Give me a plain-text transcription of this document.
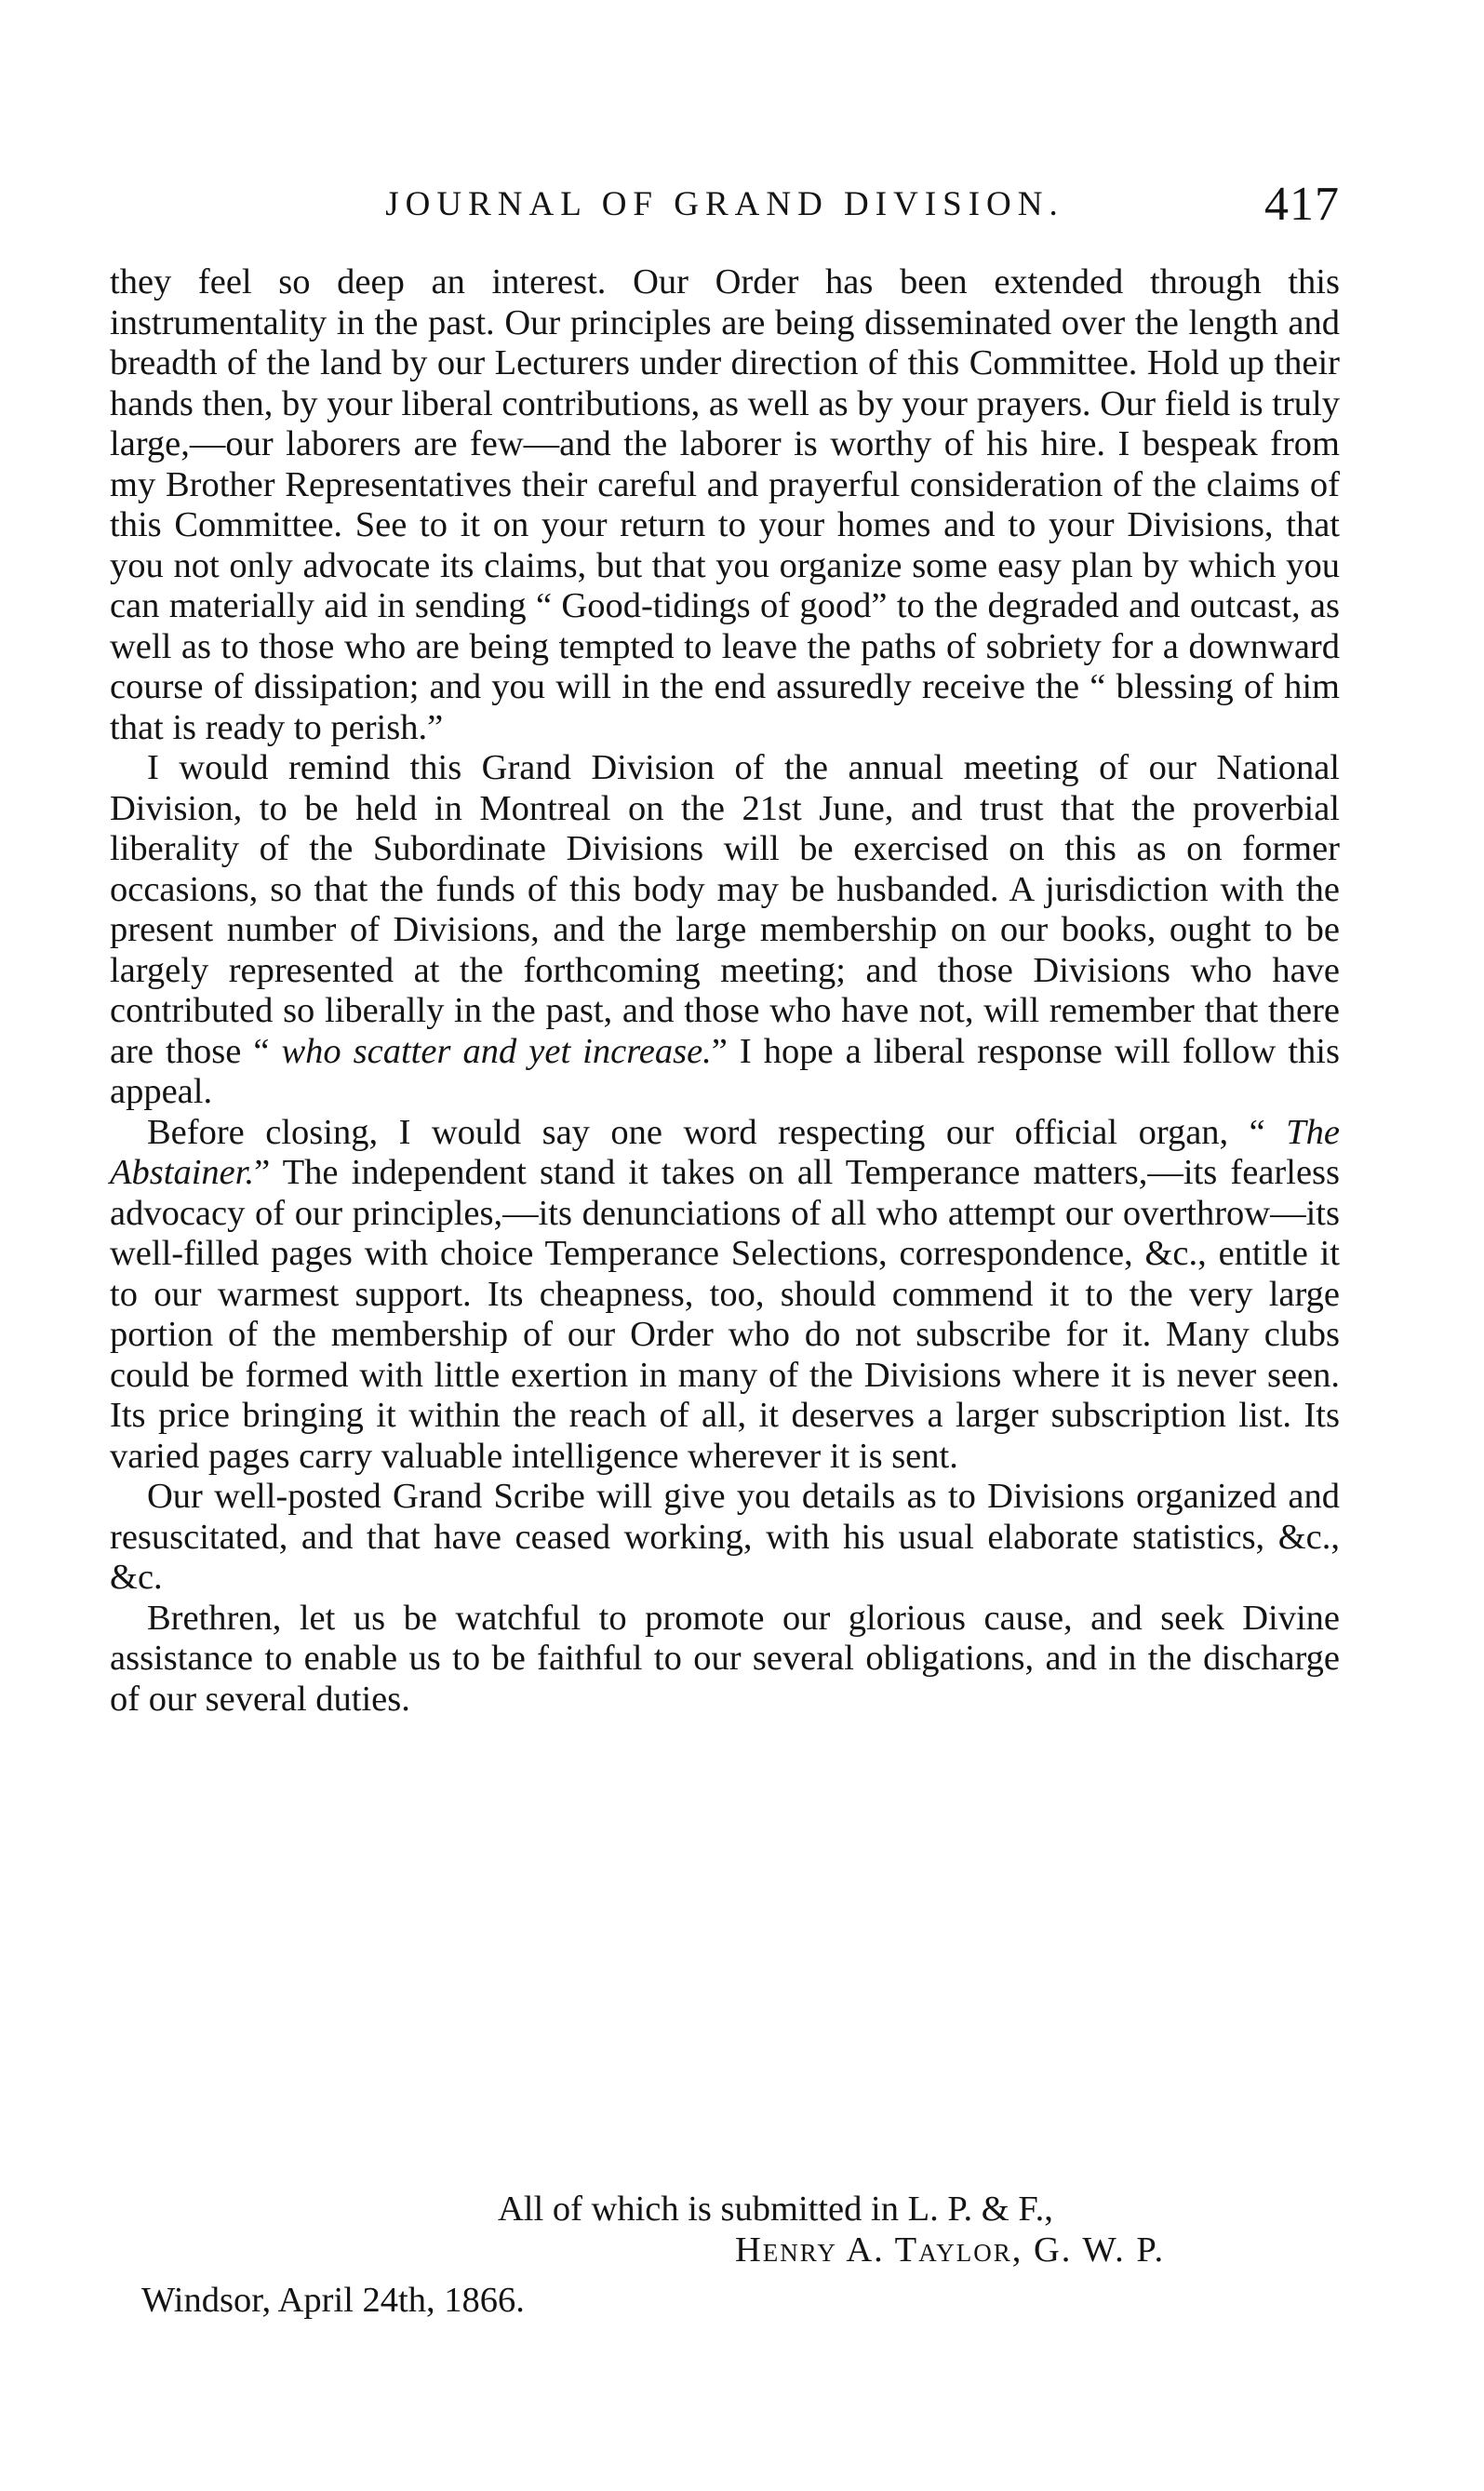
JOURNAL OF GRAND DIVISION.	417

they feel so deep an interest. Our Order has been extended through this instrumentality in the past. Our principles are being disseminated over the length and breadth of the land by our Lecturers under direction of this Committee. Hold up their hands then, by your liberal contributions, as well as by your prayers. Our field is truly large,—our laborers are few—and the laborer is worthy of his hire. I bespeak from my Brother Representatives their careful and prayerful consideration of the claims of this Committee. See to it on your return to your homes and to your Divisions, that you not only advocate its claims, but that you organize some easy plan by which you can materially aid in sending “ Good-tidings of good” to the degraded and outcast, as well as to those who are being tempted to leave the paths of sobriety for a downward course of dissipation; and you will in the end assuredly receive the “ blessing of him that is ready to perish.”

I would remind this Grand Division of the annual meeting of our National Division, to be held in Montreal on the 21st June, and trust that the proverbial liberality of the Subordinate Divisions will be exercised on this as on former occasions, so that the funds of this body may be husbanded. A jurisdiction with the present number of Divisions, and the large membership on our books, ought to be largely represented at the forthcoming meeting; and those Divisions who have contributed so liberally in the past, and those who have not, will remember that there are those “ who scatter and yet increase.” I hope a liberal response will follow this appeal.

Before closing, I would say one word respecting our official organ, “ The Abstainer.” The independent stand it takes on all Temperance matters,—its fearless advocacy of our principles,—its denunciations of all who attempt our overthrow—its well-filled pages with choice Temperance Selections, correspondence, &c., entitle it to our warmest support. Its cheapness, too, should commend it to the very large portion of the membership of our Order who do not subscribe for it. Many clubs could be formed with little exertion in many of the Divisions where it is never seen. Its price bringing it within the reach of all, it deserves a larger subscription list. Its varied pages carry valuable intelligence wherever it is sent.

Our well-posted Grand Scribe will give you details as to Divisions organized and resuscitated, and that have ceased working, with his usual elaborate statistics, &c., &c.

Brethren, let us be watchful to promote our glorious cause, and seek Divine assistance to enable us to be faithful to our several obligations, and in the discharge of our several duties.

All of which is submitted in L. P. & F.,
Henry A. Taylor, G. W. P.
Windsor, April 24th, 1866.
